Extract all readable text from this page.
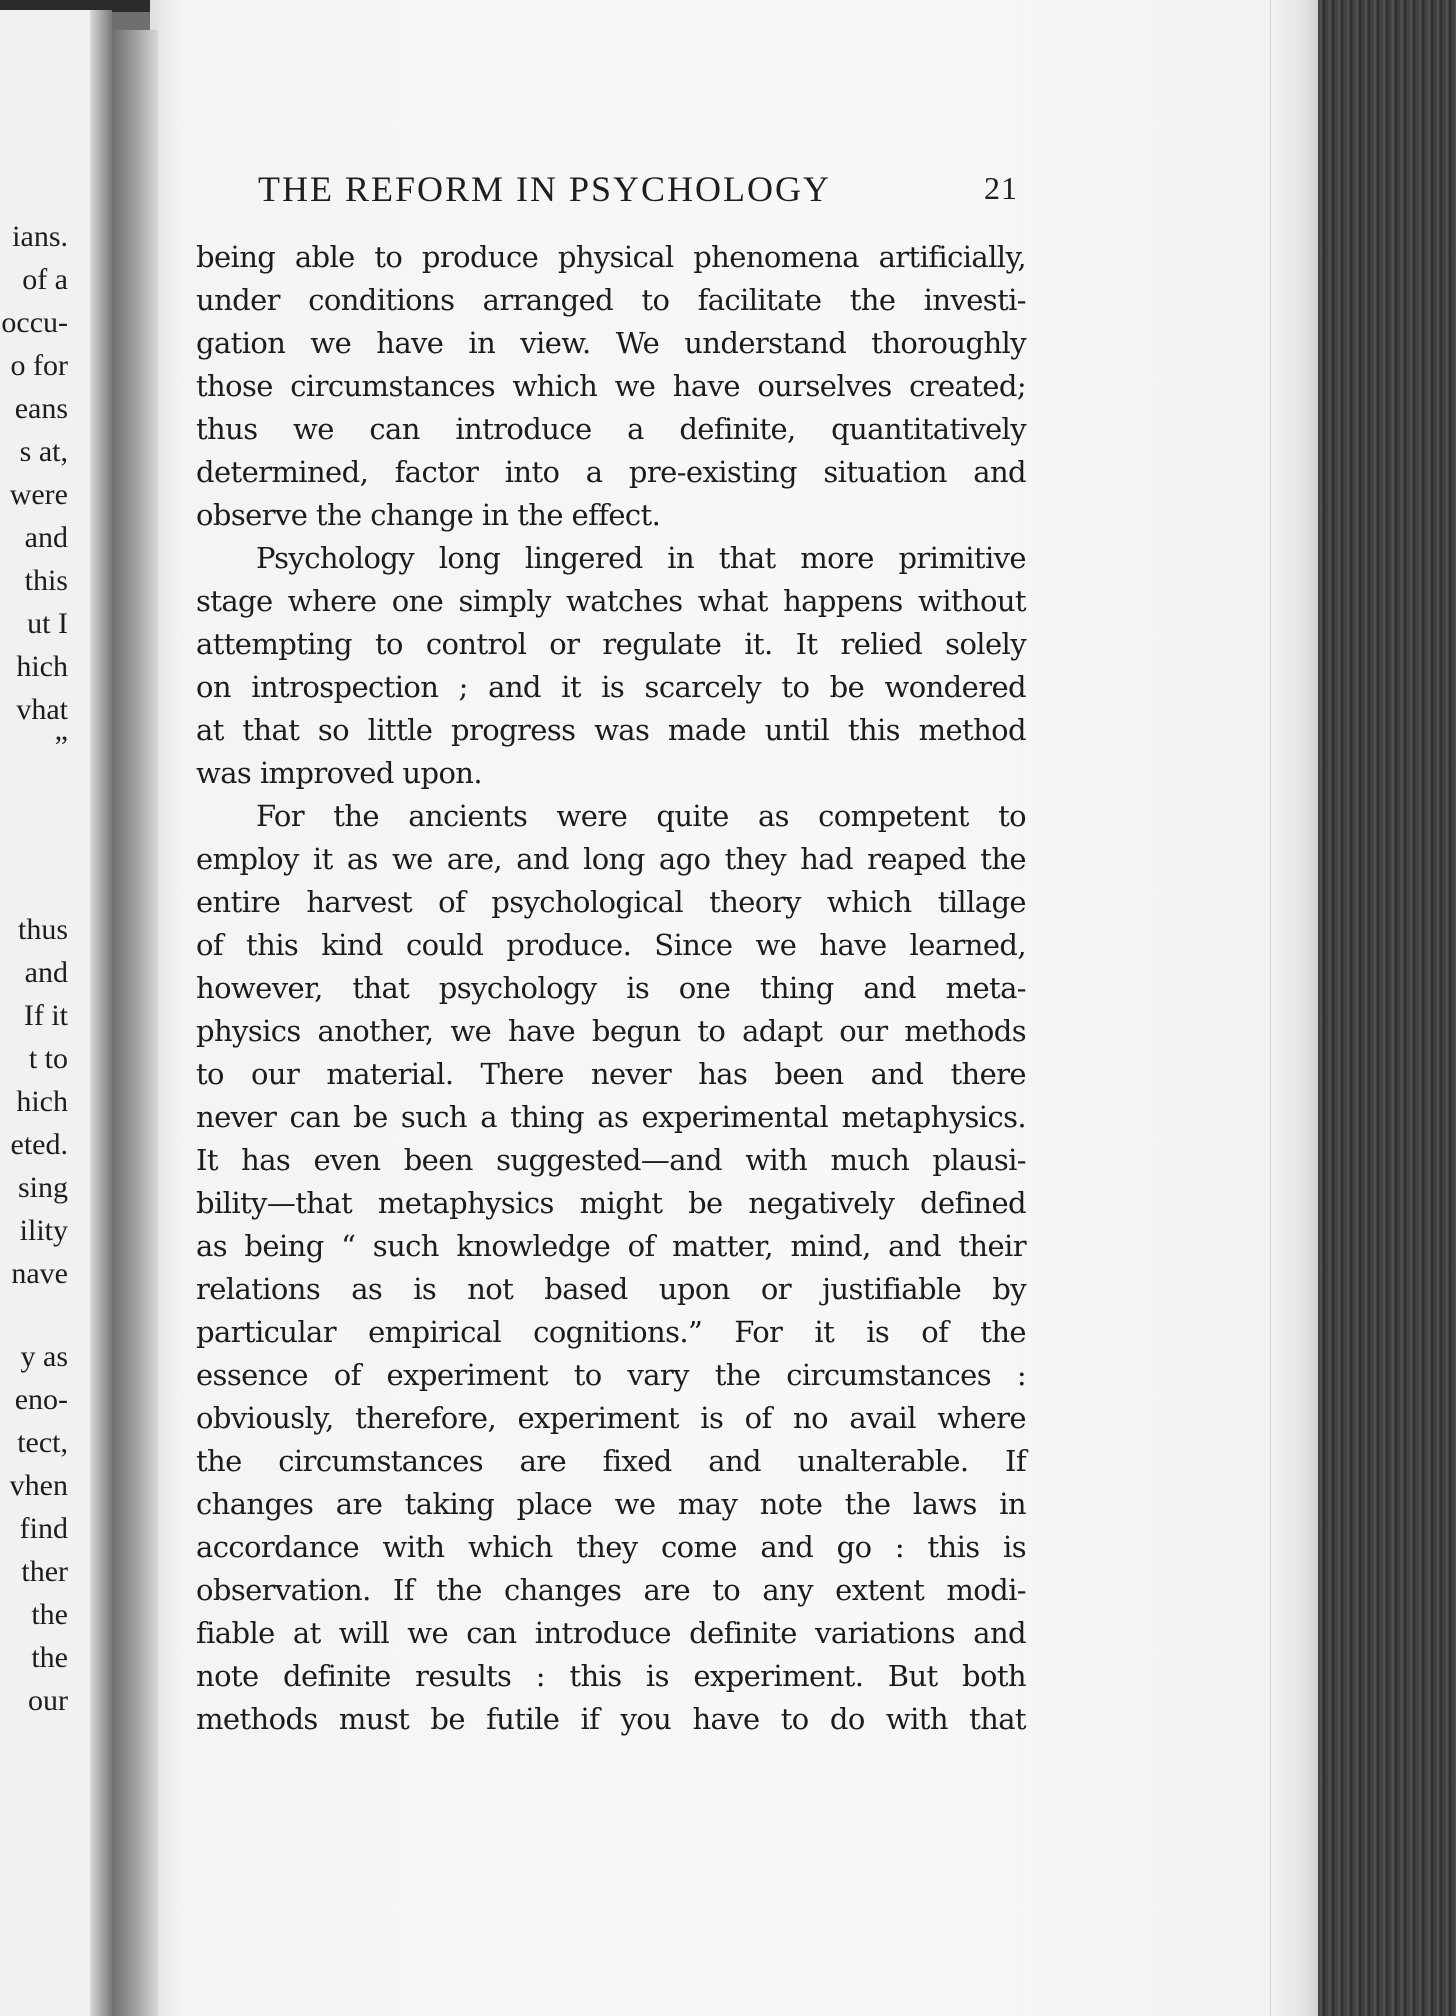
ians.
of a
occu-
o for
eans
s at,
were
and
this
ut I
hich
vhat
”
thus
and
If it
t to
hich
eted.
sing
ility
nave
y as
eno-
tect,
vhen
find
ther
the
the
our
THE REFORM IN PSYCHOLOGY	21
being able to produce physical phenomena artificially,
under conditions arranged to facilitate the investi-
gation we have in view. We understand thoroughly
those circumstances which we have ourselves created;
thus we can introduce a definite, quantitatively
determined, factor into a pre-existing situation and
observe the change in the effect.
Psychology long lingered in that more primitive
stage where one simply watches what happens without
attempting to control or regulate it. It relied solely
on introspection ; and it is scarcely to be wondered
at that so little progress was made until this method
was improved upon.
For the ancients were quite as competent to
employ it as we are, and long ago they had reaped the
entire harvest of psychological theory which tillage
of this kind could produce. Since we have learned,
however, that psychology is one thing and meta-
physics another, we have begun to adapt our methods
to our material. There never has been and there
never can be such a thing as experimental metaphysics.
It has even been suggested—and with much plausi-
bility—that metaphysics might be negatively defined
as being “ such knowledge of matter, mind, and their
relations as is not based upon or justifiable by
particular empirical cognitions.” For it is of the
essence of experiment to vary the circumstances :
obviously, therefore, experiment is of no avail where
the circumstances are fixed and unalterable. If
changes are taking place we may note the laws in
accordance with which they come and go : this is
observation. If the changes are to any extent modi-
fiable at will we can introduce definite variations and
note definite results : this is experiment. But both
methods must be futile if you have to do with that
